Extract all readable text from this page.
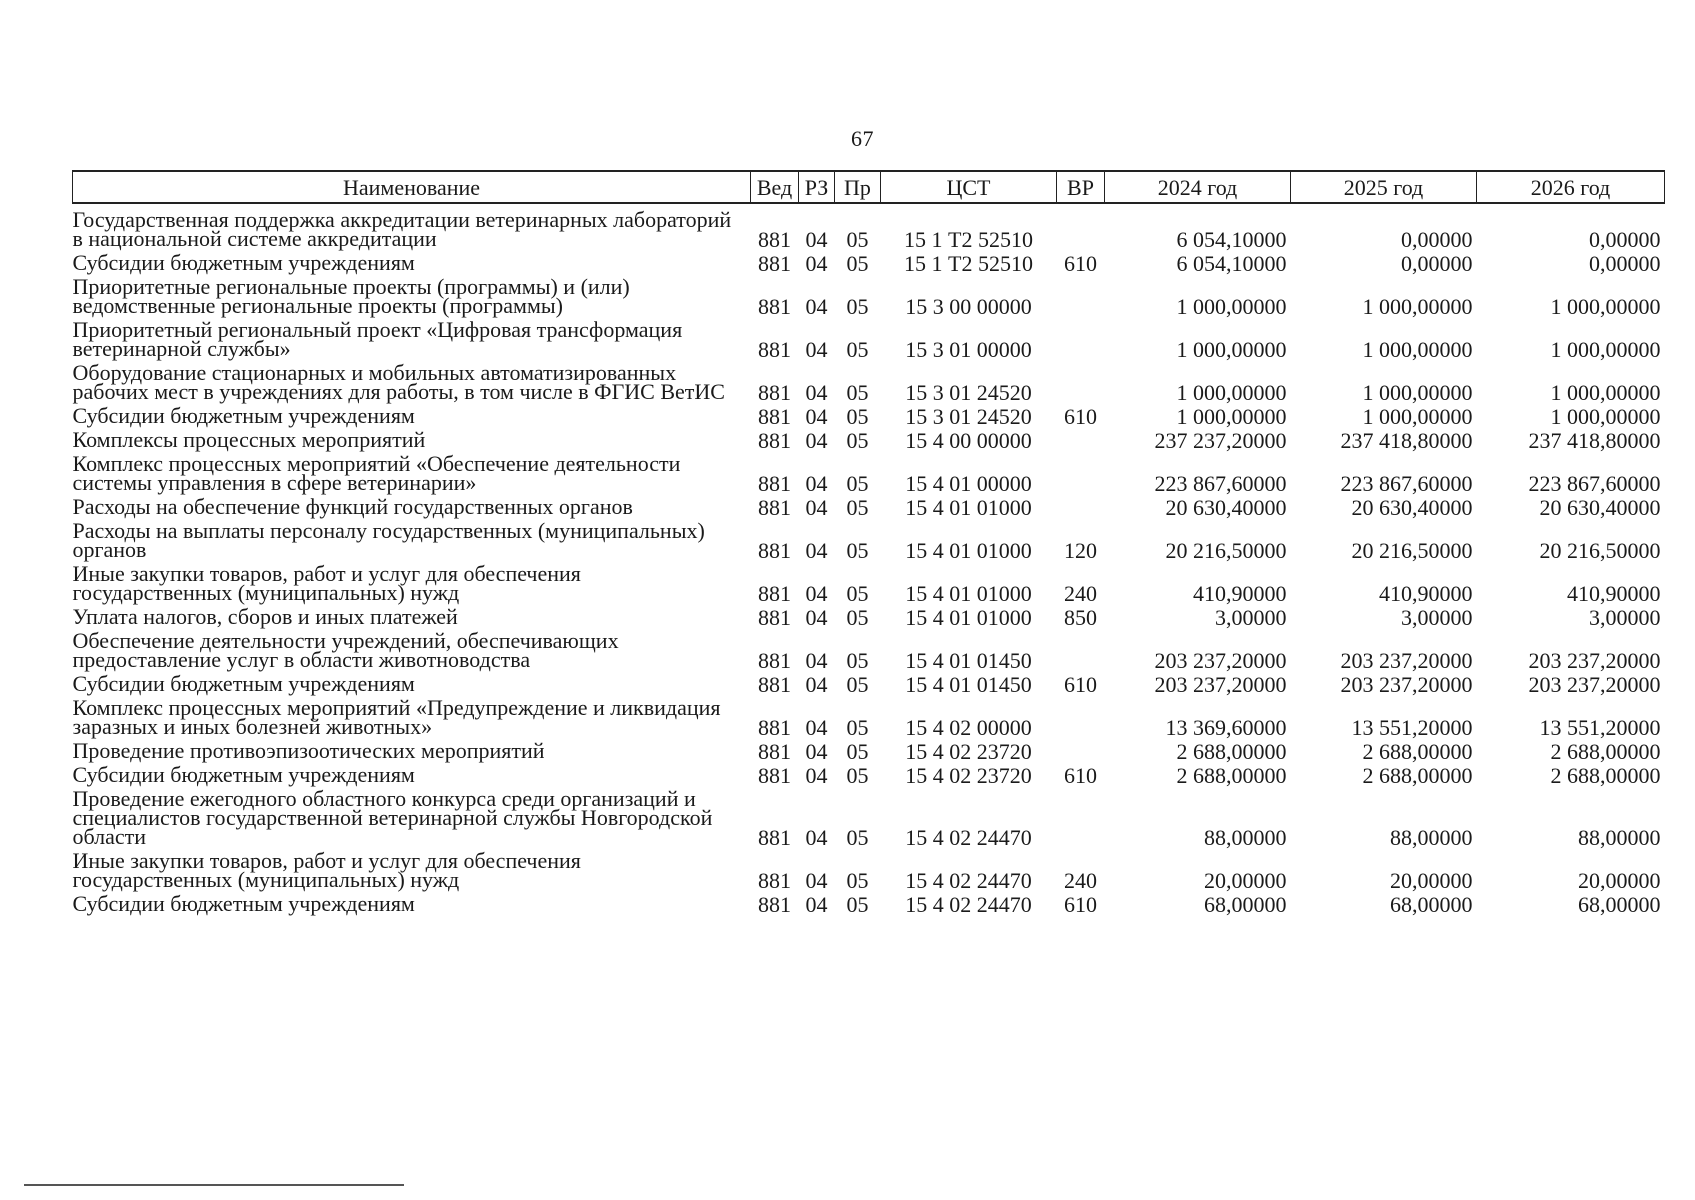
67
Наименование	Вед	РЗ	Пр	ЦСТ	ВР	2024 год	2025 год	2026 год
Государственная поддержка аккредитации ветеринарных лабораторий в национальной системе аккредитации	881	04	05	15 1 Т2 52510		6 054,10000	0,00000	0,00000
Субсидии бюджетным учреждениям	881	04	05	15 1 Т2 52510	610	6 054,10000	0,00000	0,00000
Приоритетные региональные проекты (программы) и (или) ведомственные региональные проекты (программы)	881	04	05	15 3 00 00000		1 000,00000	1 000,00000	1 000,00000
Приоритетный региональный проект «Цифровая трансформация ветеринарной службы»	881	04	05	15 3 01 00000		1 000,00000	1 000,00000	1 000,00000
Оборудование стационарных и мобильных автоматизированных рабочих мест в учреждениях для работы, в том числе в ФГИС ВетИС	881	04	05	15 3 01 24520		1 000,00000	1 000,00000	1 000,00000
Субсидии бюджетным учреждениям	881	04	05	15 3 01 24520	610	1 000,00000	1 000,00000	1 000,00000
Комплексы процессных мероприятий	881	04	05	15 4 00 00000		237 237,20000	237 418,80000	237 418,80000
Комплекс процессных мероприятий «Обеспечение деятельности системы управления в сфере ветеринарии»	881	04	05	15 4 01 00000		223 867,60000	223 867,60000	223 867,60000
Расходы на обеспечение функций государственных органов	881	04	05	15 4 01 01000		20 630,40000	20 630,40000	20 630,40000
Расходы на выплаты персоналу государственных (муниципальных) органов	881	04	05	15 4 01 01000	120	20 216,50000	20 216,50000	20 216,50000
Иные закупки товаров, работ и услуг для обеспечения государственных (муниципальных) нужд	881	04	05	15 4 01 01000	240	410,90000	410,90000	410,90000
Уплата налогов, сборов и иных платежей	881	04	05	15 4 01 01000	850	3,00000	3,00000	3,00000
Обеспечение деятельности учреждений, обеспечивающих предоставление услуг в области животноводства	881	04	05	15 4 01 01450		203 237,20000	203 237,20000	203 237,20000
Субсидии бюджетным учреждениям	881	04	05	15 4 01 01450	610	203 237,20000	203 237,20000	203 237,20000
Комплекс процессных мероприятий «Предупреждение и ликвидация заразных и иных болезней животных»	881	04	05	15 4 02 00000		13 369,60000	13 551,20000	13 551,20000
Проведение противоэпизоотических мероприятий	881	04	05	15 4 02 23720		2 688,00000	2 688,00000	2 688,00000
Субсидии бюджетным учреждениям	881	04	05	15 4 02 23720	610	2 688,00000	2 688,00000	2 688,00000
Проведение ежегодного областного конкурса среди организаций и специалистов государственной ветеринарной службы Новгородской области	881	04	05	15 4 02 24470		88,00000	88,00000	88,00000
Иные закупки товаров, работ и услуг для обеспечения государственных (муниципальных) нужд	881	04	05	15 4 02 24470	240	20,00000	20,00000	20,00000
Субсидии бюджетным учреждениям	881	04	05	15 4 02 24470	610	68,00000	68,00000	68,00000
